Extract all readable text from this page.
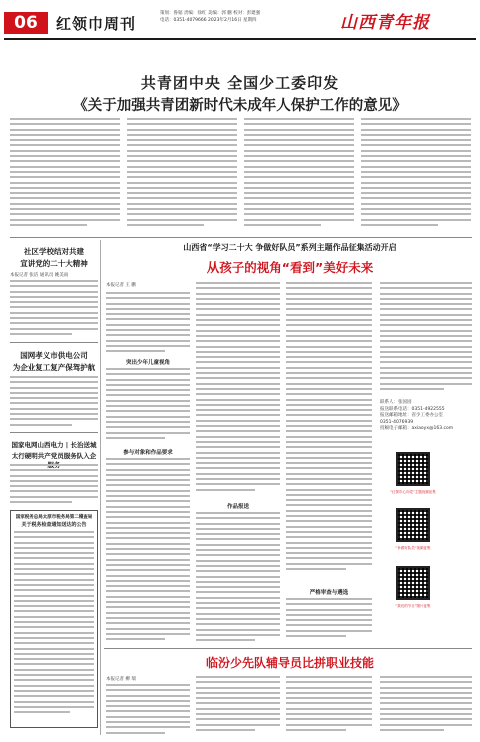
06	红领巾周刊
策划：鲁韬 责编：徐红 美编：郭 鹏 校对：彭建强
电话：0351-4079666 2023年2月16日 星期四	山西青年报
共青团中央 全国少工委印发
《关于加强共青团新时代未成年人保护工作的意见》
社区学校结对共建
宣讲党的二十大精神
本报记者 张洁 通讯员 姚美雨
国网孝义市供电公司
为企业复工复产保驾护航
国家电网山西电力 | 长治送城
太行硬明共产党员服务队入企
国家税务总局太原市税务局第二稽查局
关于税务检查通知送达的公告
山西省“学习二十大 争做好队员”系列主题作品征集活动开启
从孩子的视角“看到”美好未来
本报记者 王 鹏
突出少年儿童视角
参与对象和作品要求
作品报送
严格审查与遴选
联系人：张国园
报送联系电话：0351-4922555
报送邮箱地址：省少工委办公室
0351-4076939
投稿电子邮箱：axiaoyx@163.com
“红领巾心向党”主题视频征集
“争做好队员”视频征集
“我们的节日”图片征集
临汾少先队辅导员比拼职业技能
本报记者 柳 瑞
